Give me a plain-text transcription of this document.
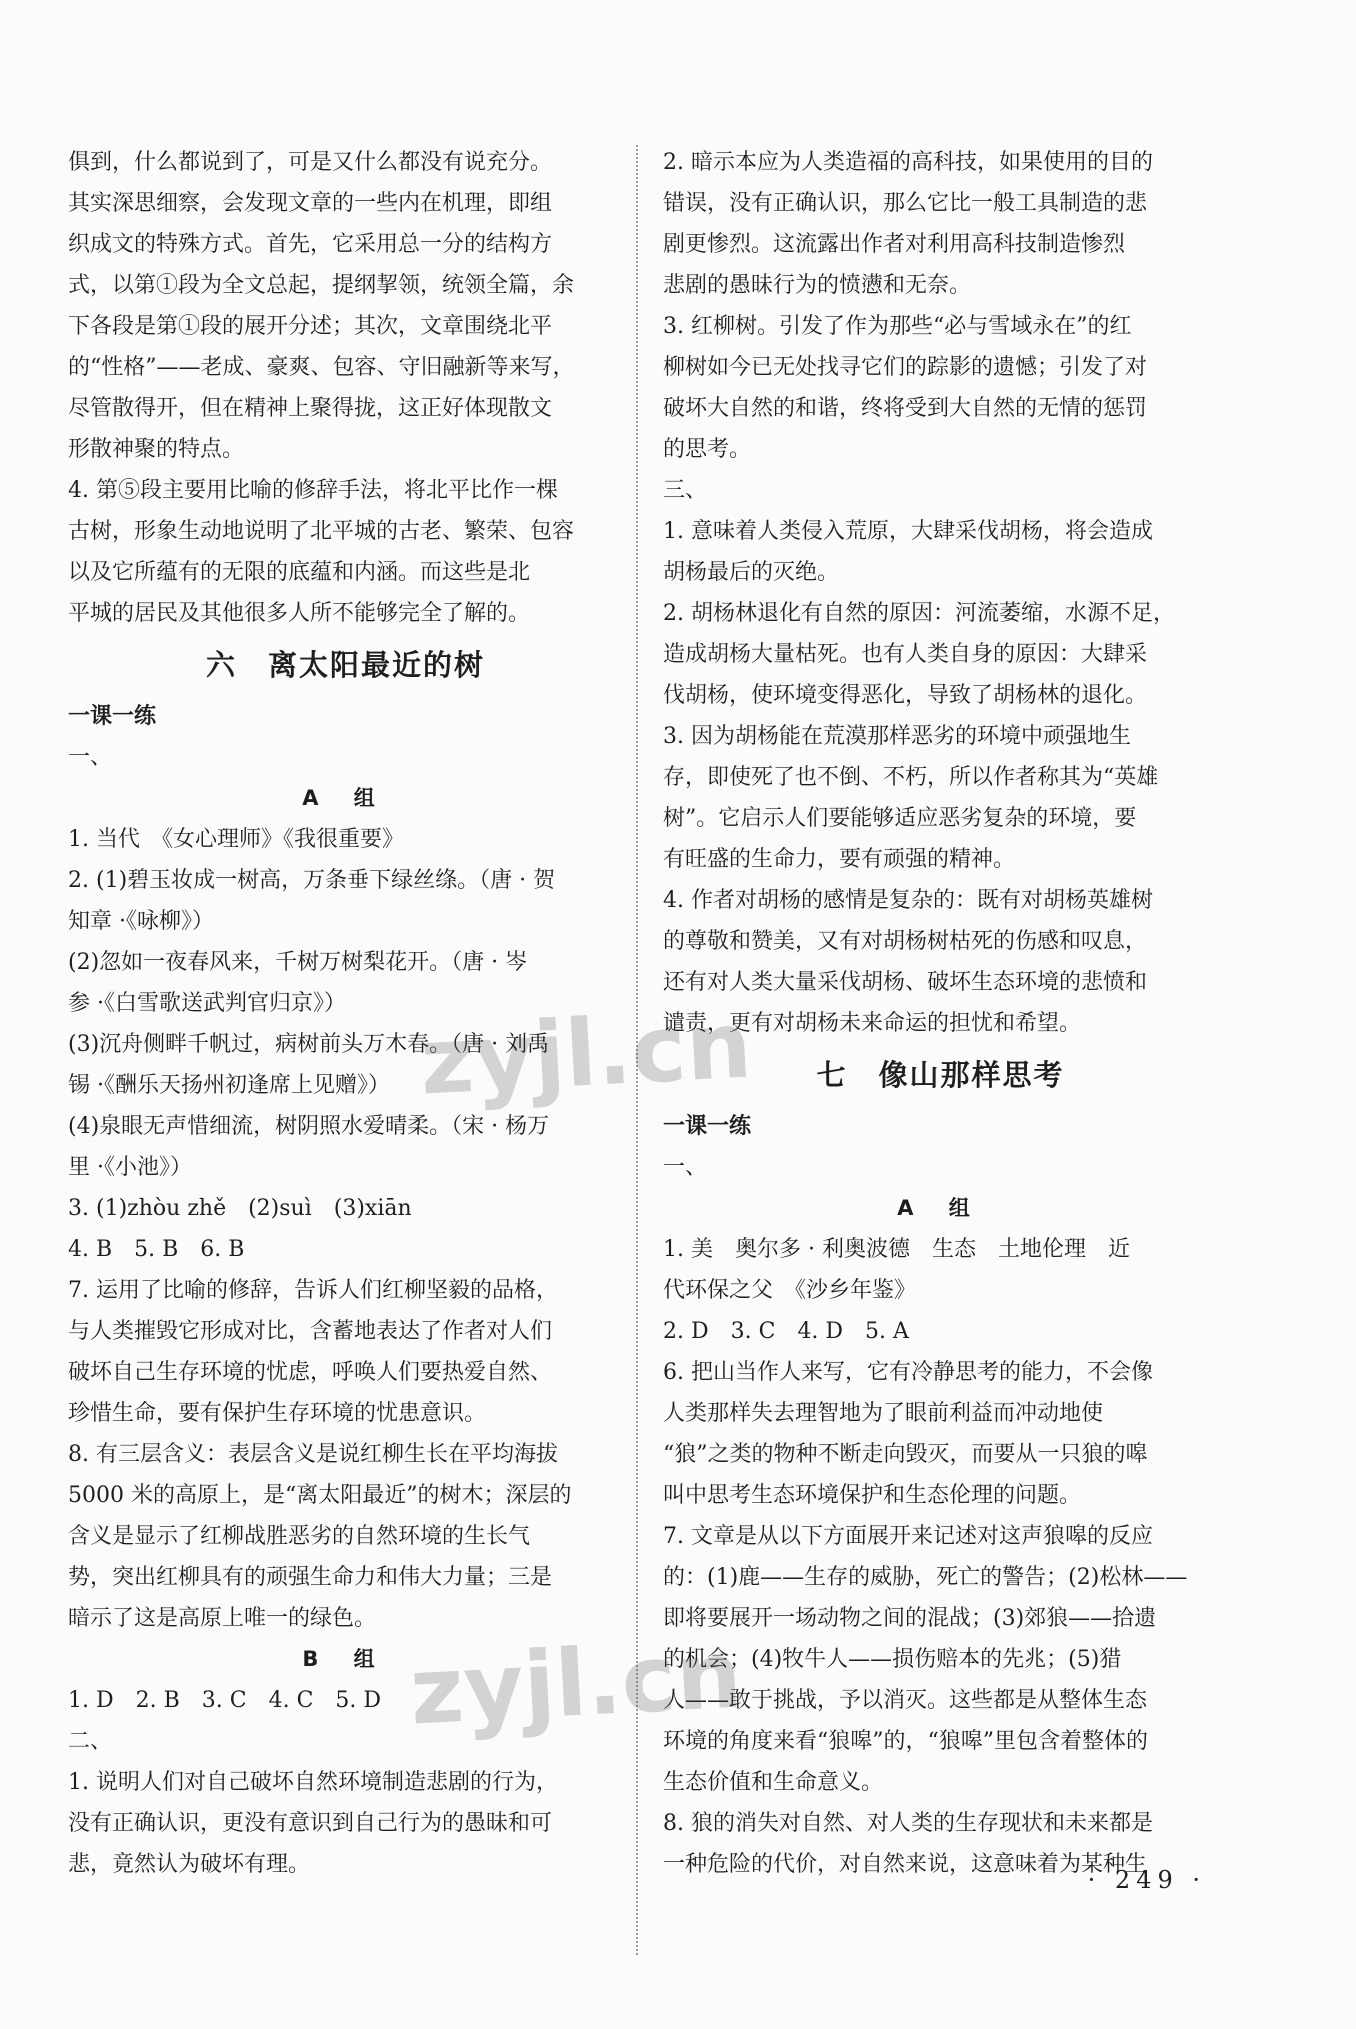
俱到，什么都说到了，可是又什么都没有说充分。

其实深思细察，会发现文章的一些内在机理，即组

织成文的特殊方式。首先，它采用总一分的结构方

式，以第①段为全文总起，提纲挈领，统领全篇，余

下各段是第①段的展开分述；其次，文章围绕北平

的“性格”——老成、豪爽、包容、守旧融新等来写，

尽管散得开，但在精神上聚得拢，这正好体现散文

形散神聚的特点。

4. 第⑤段主要用比喻的修辞手法，将北平比作一棵

古树，形象生动地说明了北平城的古老、繁荣、包容

以及它所蕴有的无限的底蕴和内涵。而这些是北

平城的居民及其他很多人所不能够完全了解的。

六　离太阳最近的树

一课一练

一、

A 组

1. 当代　《女心理师》《我很重要》

2. (1)碧玉妆成一树高，万条垂下绿丝绦。（唐 · 贺

知章 ·《咏柳》）

(2)忽如一夜春风来，千树万树梨花开。（唐 · 岑

参 ·《白雪歌送武判官归京》）

(3)沉舟侧畔千帆过，病树前头万木春。（唐 · 刘禹

锡 ·《酬乐天扬州初逢席上见赠》）

(4)泉眼无声惜细流，树阴照水爱晴柔。（宋 · 杨万

里 ·《小池》）

3. (1)zhòu zhě　(2)suì　(3)xiān

4. B　5. B　6. B

7. 运用了比喻的修辞，告诉人们红柳坚毅的品格，

与人类摧毁它形成对比，含蓄地表达了作者对人们

破坏自己生存环境的忧虑，呼唤人们要热爱自然、

珍惜生命，要有保护生存环境的忧患意识。

8. 有三层含义：表层含义是说红柳生长在平均海拔

5000 米的高原上，是“离太阳最近”的树木；深层的

含义是显示了红柳战胜恶劣的自然环境的生长气

势，突出红柳具有的顽强生命力和伟大力量；三是

暗示了这是高原上唯一的绿色。

B 组

1. D　2. B　3. C　4. C　5. D

二、

1. 说明人们对自己破坏自然环境制造悲剧的行为，

没有正确认识，更没有意识到自己行为的愚昧和可

悲，竟然认为破坏有理。

2. 暗示本应为人类造福的高科技，如果使用的目的

错误，没有正确认识，那么它比一般工具制造的悲

剧更惨烈。这流露出作者对利用高科技制造惨烈

悲剧的愚昧行为的愤懑和无奈。

3. 红柳树。引发了作为那些“必与雪域永在”的红

柳树如今已无处找寻它们的踪影的遗憾；引发了对

破坏大自然的和谐，终将受到大自然的无情的惩罚

的思考。

三、

1. 意味着人类侵入荒原，大肆采伐胡杨，将会造成

胡杨最后的灭绝。

2. 胡杨林退化有自然的原因：河流萎缩，水源不足，

造成胡杨大量枯死。也有人类自身的原因：大肆采

伐胡杨，使环境变得恶化，导致了胡杨林的退化。

3. 因为胡杨能在荒漠那样恶劣的环境中顽强地生

存，即使死了也不倒、不朽，所以作者称其为“英雄

树”。它启示人们要能够适应恶劣复杂的环境，要

有旺盛的生命力，要有顽强的精神。

4. 作者对胡杨的感情是复杂的：既有对胡杨英雄树

的尊敬和赞美，又有对胡杨树枯死的伤感和叹息，

还有对人类大量采伐胡杨、破坏生态环境的悲愤和

谴责，更有对胡杨未来命运的担忧和希望。

七　像山那样思考

一课一练

一、

A 组

1. 美　奥尔多 · 利奥波德　生态　土地伦理　近

代环保之父　《沙乡年鉴》

2. D　3. C　4. D　5. A

6. 把山当作人来写，它有冷静思考的能力，不会像

人类那样失去理智地为了眼前利益而冲动地使

“狼”之类的物种不断走向毁灭，而要从一只狼的嗥

叫中思考生态环境保护和生态伦理的问题。

7. 文章是从以下方面展开来记述对这声狼嗥的反应

的：(1)鹿——生存的威胁，死亡的警告；(2)松林——

即将要展开一场动物之间的混战；(3)郊狼——拾遗

的机会；(4)牧牛人——损伤赔本的先兆；(5)猎

人——敢于挑战，予以消灭。这些都是从整体生态

环境的角度来看“狼嗥”的，“狼嗥”里包含着整体的

生态价值和生命意义。

8. 狼的消失对自然、对人类的生存现状和未来都是

一种危险的代价，对自然来说，这意味着为某种生

zyjl.cn
zyjl.cn
· 249 ·
